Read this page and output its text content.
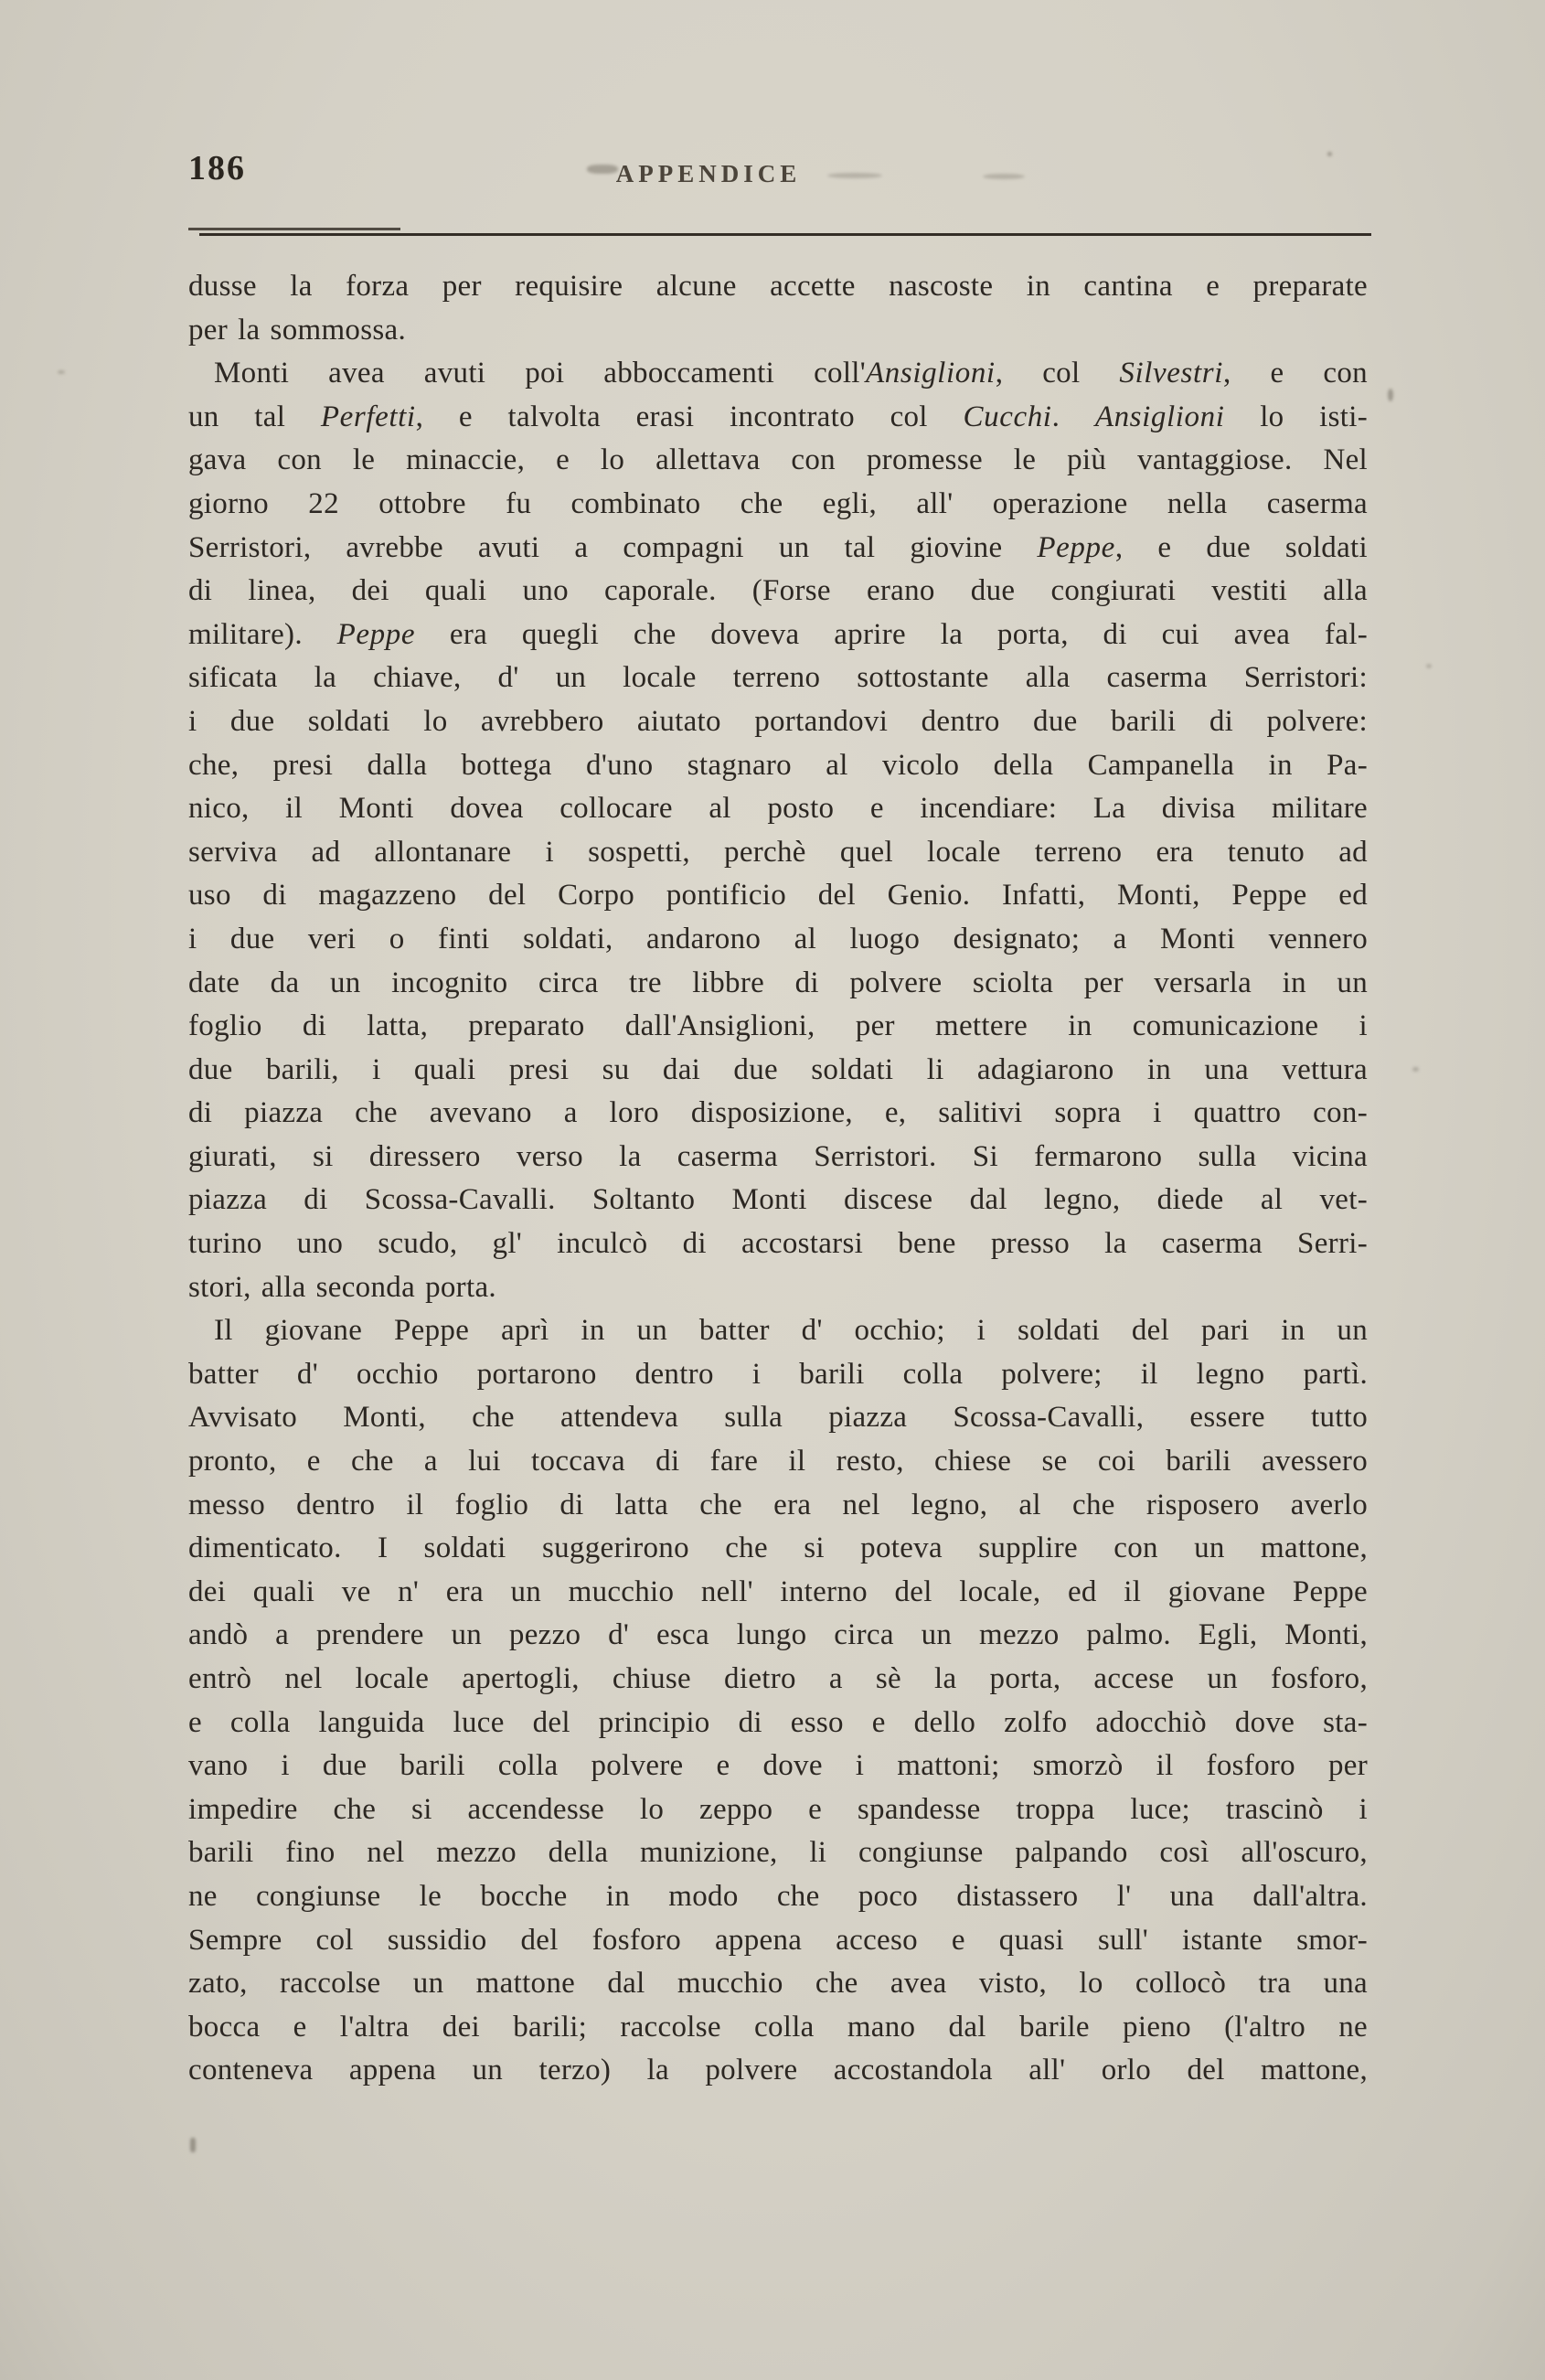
186	APPENDICE
dusse la forza per requisire alcune accette nascoste in cantina e preparate
per la sommossa.
Monti avea avuti poi abboccamenti coll'Ansiglioni, col Silvestri, e con
un tal Perfetti, e talvolta erasi incontrato col Cucchi. Ansiglioni lo isti-
gava con le minaccie, e lo allettava con promesse le più vantaggiose. Nel
giorno 22 ottobre fu combinato che egli, all' operazione nella caserma
Serristori, avrebbe avuti a compagni un tal giovine Peppe, e due soldati
di linea, dei quali uno caporale. (Forse erano due congiurati vestiti alla
militare). Peppe era quegli che doveva aprire la porta, di cui avea fal-
sificata la chiave, d' un locale terreno sottostante alla caserma Serristori:
i due soldati lo avrebbero aiutato portandovi dentro due barili di polvere:
che, presi dalla bottega d'uno stagnaro al vicolo della Campanella in Pa-
nico, il Monti dovea collocare al posto e incendiare: La divisa militare
serviva ad allontanare i sospetti, perchè quel locale terreno era tenuto ad
uso di magazzeno del Corpo pontificio del Genio. Infatti, Monti, Peppe ed
i due veri o finti soldati, andarono al luogo designato; a Monti vennero
date da un incognito circa tre libbre di polvere sciolta per versarla in un
foglio di latta, preparato dall'Ansiglioni, per mettere in comunicazione i
due barili, i quali presi su dai due soldati li adagiarono in una vettura
di piazza che avevano a loro disposizione, e, salitivi sopra i quattro con-
giurati, si diressero verso la caserma Serristori. Si fermarono sulla vicina
piazza di Scossa-Cavalli. Soltanto Monti discese dal legno, diede al vet-
turino uno scudo, gl' inculcò di accostarsi bene presso la caserma Serri-
stori, alla seconda porta.
Il giovane Peppe aprì in un batter d' occhio; i soldati del pari in un
batter d' occhio portarono dentro i barili colla polvere; il legno partì.
Avvisato Monti, che attendeva sulla piazza Scossa-Cavalli, essere tutto
pronto, e che a lui toccava di fare il resto, chiese se coi barili avessero
messo dentro il foglio di latta che era nel legno, al che risposero averlo
dimenticato. I soldati suggerirono che si poteva supplire con un mattone,
dei quali ve n' era un mucchio nell' interno del locale, ed il giovane Peppe
andò a prendere un pezzo d' esca lungo circa un mezzo palmo. Egli, Monti,
entrò nel locale apertogli, chiuse dietro a sè la porta, accese un fosforo,
e colla languida luce del principio di esso e dello zolfo adocchiò dove sta-
vano i due barili colla polvere e dove i mattoni; smorzò il fosforo per
impedire che si accendesse lo zeppo e spandesse troppa luce; trascinò i
barili fino nel mezzo della munizione, li congiunse palpando così all'oscuro,
ne congiunse le bocche in modo che poco distassero l' una dall'altra.
Sempre col sussidio del fosforo appena acceso e quasi sull' istante smor-
zato, raccolse un mattone dal mucchio che avea visto, lo collocò tra una
bocca e l'altra dei barili; raccolse colla mano dal barile pieno (l'altro ne
conteneva appena un terzo) la polvere accostandola all' orlo del mattone,
